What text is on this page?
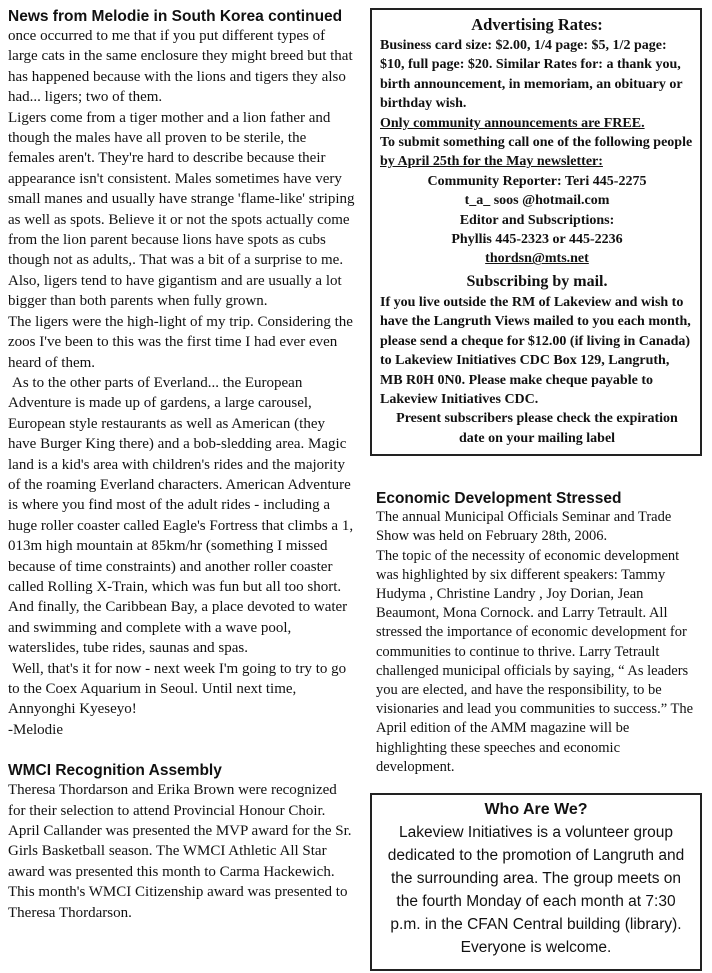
News from Melodie in South Korea continued

once occurred to me that if you put different types of large cats in the same enclosure they might breed but that has happened because with the lions and tigers they also had... ligers; two of them.

Ligers come from a tiger mother and a lion father and though the males have all proven to be sterile, the females aren't. They're hard to describe because their appearance isn't consistent. Males sometimes have very small manes and usually have strange 'flame-like' striping as well as spots. Believe it or not the spots actually come from the lion parent because lions have spots as cubs though not as adults,. That was a bit of a surprise to me. Also, ligers tend to have gigantism and are usually a lot bigger than both parents when fully grown.

The ligers were the high-light of my trip. Considering the zoos I've been to this was the first time I had ever even heard of them.

As to the other parts of Everland... the European Adventure is made up of gardens, a large carousel, European style restaurants as well as American (they have Burger King there) and a bob-sledding area. Magic land is a kid's area with children's rides and the majority of the roaming Everland characters. American Adventure is where you find most of the adult rides - including a huge roller coaster called Eagle's Fortress that climbs a 1, 013m high mountain at 85km/hr (something I missed because of time constraints) and another roller coaster called Rolling X-Train, which was fun but all too short. And finally, the Caribbean Bay, a place devoted to water and swimming and complete with a wave pool, waterslides, tube rides, saunas and spas.

Well, that's it for now - next week I'm going to try to go to the Coex Aquarium in Seoul. Until next time, Annyonghi Kyeseyo!

-Melodie

WMCI Recognition Assembly

Theresa Thordarson and Erika Brown were recognized for their selection to attend Provincial Honour Choir. April Callander was presented the MVP award for the Sr. Girls Basketball season. The WMCI Athletic All Star award was presented this month to Carma Hackewich. This month's WMCI Citizenship award was presented to Theresa Thordarson.

Advertising Rates:
Business card size: $2.00, 1/4 page: $5, 1/2 page: $10, full page: $20. Similar Rates for: a thank you, birth announcement, in memoriam, an obituary or birthday wish.
Only community announcements are FREE.
To submit something call one of the following people by April 25th for the May newsletter:
Community Reporter: Teri 445-2275
t_a_ soos @hotmail.com
Editor and Subscriptions:
Phyllis 445-2323 or 445-2236
thordsn@mts.net
Subscribing by mail.
If you live outside the RM of Lakeview and wish to have the Langruth Views mailed to you each month, please send a cheque for $12.00 (if living in Canada) to Lakeview Initiatives CDC Box 129, Langruth, MB R0H 0N0. Please make cheque payable to Lakeview Initiatives CDC.
Present subscribers please check the expiration date on your mailing label
Economic Development Stressed

The annual Municipal Officials Seminar and Trade Show was held on February 28th, 2006.

The topic of the necessity of economic development was highlighted by six different speakers: Tammy Hudyma , Christine Landry , Joy Dorian, Jean Beaumont, Mona Cornock. and Larry Tetrault. All stressed the importance of economic development for communities to continue to thrive. Larry Tetrault challenged municipal officials by saying, “ As leaders you are elected, and have the responsibility, to be visionaries and lead you communities to success.” The April edition of the AMM magazine will be highlighting these speeches and economic development.

Who Are We?

Lakeview Initiatives is a volunteer group dedicated to the promotion of Langruth and the surrounding area. The group meets on the fourth Monday of each month at 7:30 p.m. in the CFAN Central building (library). Everyone is welcome.
